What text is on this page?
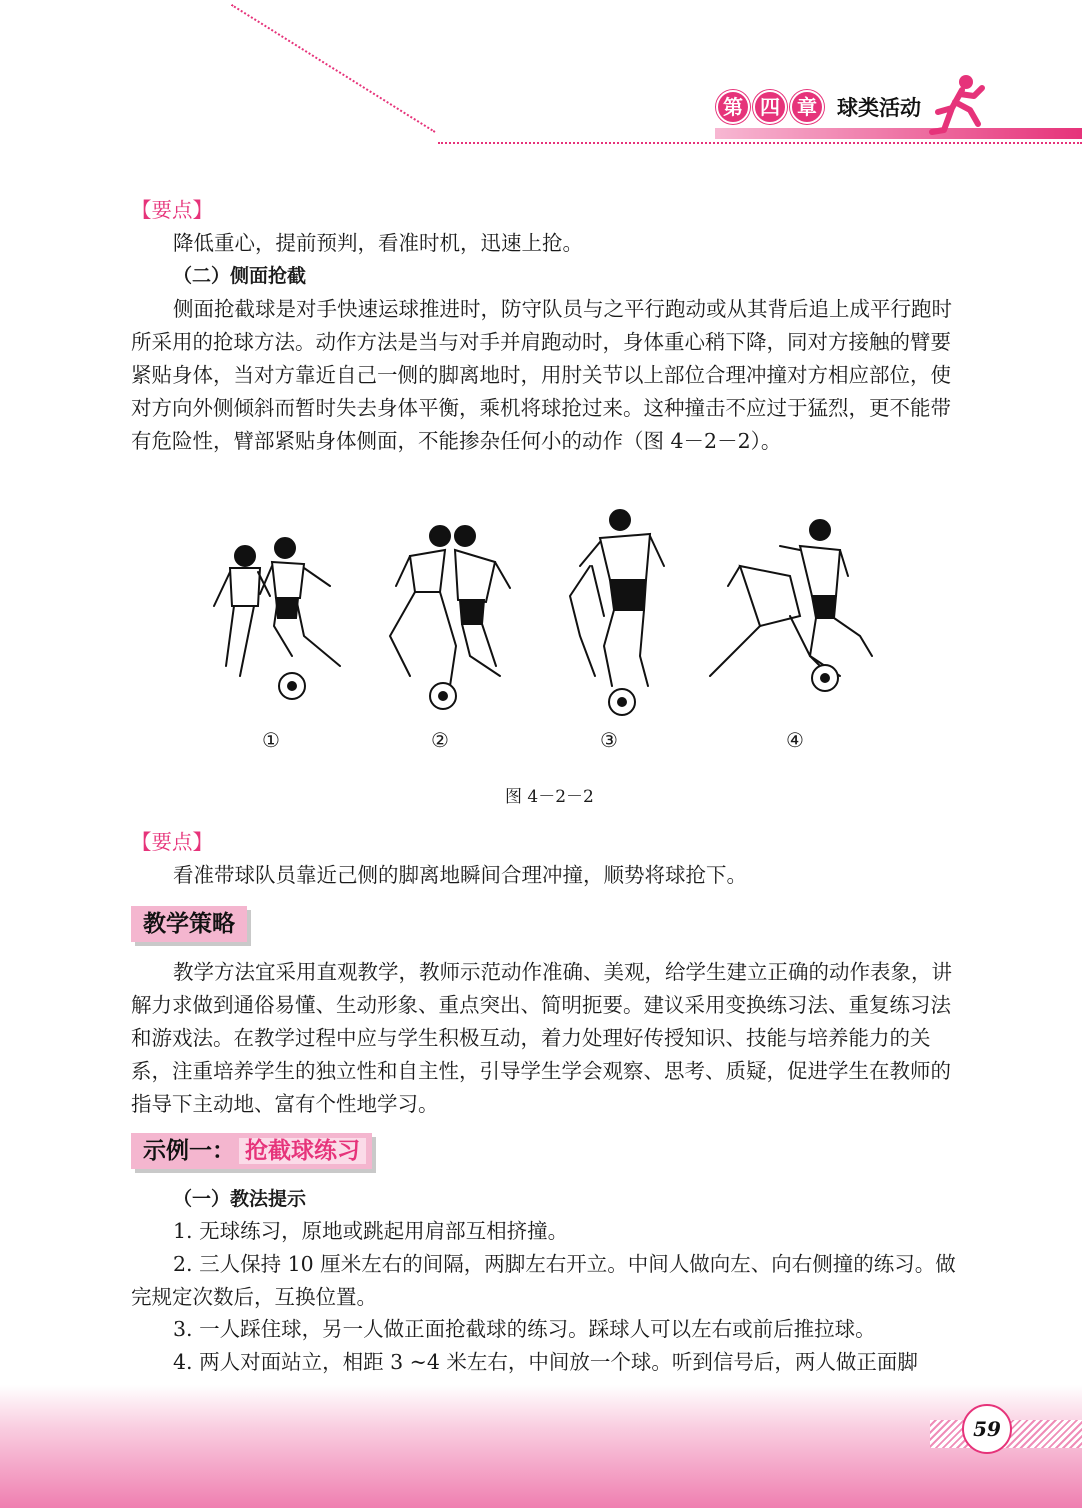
第 四 章 球类活动

【要点】

降低重心，提前预判，看准时机，迅速上抢。

（二）侧面抢截

侧面抢截球是对手快速运球推进时，防守队员与之平行跑动或从其背后追上成平行跑时所采用的抢球方法。动作方法是当与对手并肩跑动时，身体重心稍下降，同对方接触的臂要紧贴身体，当对方靠近自己一侧的脚离地时，用肘关节以上部位合理冲撞对方相应部位，使对方向外侧倾斜而暂时失去身体平衡，乘机将球抢过来。这种撞击不应过于猛烈，更不能带有危险性，臂部紧贴身体侧面，不能掺杂任何小的动作（图 4－2－2）。

①	②	③	④
图 4－2－2

【要点】

看准带球队员靠近己侧的脚离地瞬间合理冲撞，顺势将球抢下。

教学策略

教学方法宜采用直观教学，教师示范动作准确、美观，给学生建立正确的动作表象，讲解力求做到通俗易懂、生动形象、重点突出、简明扼要。建议采用变换练习法、重复练习法和游戏法。在教学过程中应与学生积极互动，着力处理好传授知识、技能与培养能力的关系，注重培养学生的独立性和自主性，引导学生学会观察、思考、质疑，促进学生在教师的指导下主动地、富有个性地学习。

示例一： 抢截球练习

（一）教法提示

1. 无球练习，原地或跳起用肩部互相挤撞。

2. 三人保持 10 厘米左右的间隔，两脚左右开立。中间人做向左、向右侧撞的练习。做完规定次数后，互换位置。

3. 一人踩住球，另一人做正面抢截球的练习。踩球人可以左右或前后推拉球。

4. 两人对面站立，相距 3 ~4 米左右，中间放一个球。听到信号后，两人做正面脚

59
